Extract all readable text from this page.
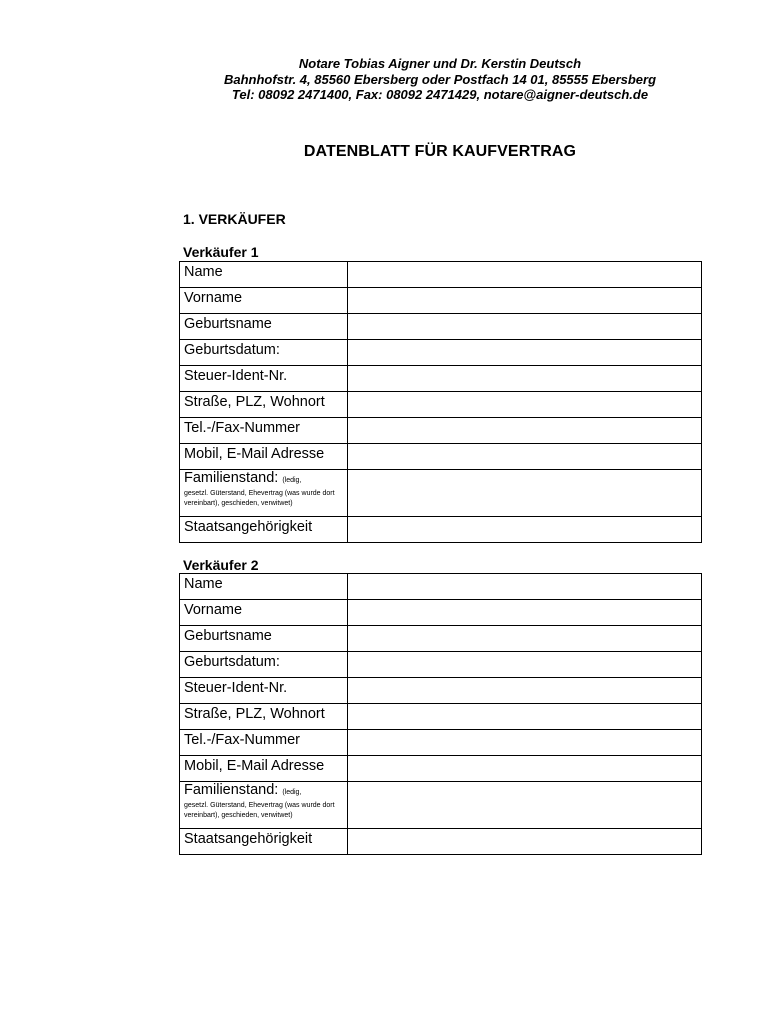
Notare Tobias Aigner und Dr. Kerstin Deutsch
Bahnhofstr. 4, 85560 Ebersberg oder Postfach 14 01, 85555 Ebersberg
Tel: 08092 2471400, Fax: 08092 2471429, notare@aigner-deutsch.de
DATENBLATT FÜR KAUFVERTRAG
1. VERKÄUFER
Verkäufer 1
Name	
Vorname	
Geburtsname	
Geburtsdatum:	
Steuer-Ident-Nr.	
Straße, PLZ, Wohnort	
Tel.-/Fax-Nummer	
Mobil, E-Mail Adresse	

Familienstand: (ledig,
gesetzl. Güterstand, Ehevertrag (was wurde dort vereinbart), geschieden, verwitwet)	

Staatsangehörigkeit	
Verkäufer 2
Name	
Vorname	
Geburtsname	
Geburtsdatum:	
Steuer-Ident-Nr.	
Straße, PLZ, Wohnort	
Tel.-/Fax-Nummer	
Mobil, E-Mail Adresse	

Familienstand: (ledig,
gesetzl. Güterstand, Ehevertrag (was wurde dort vereinbart), geschieden, verwitwet)	

Staatsangehörigkeit	
